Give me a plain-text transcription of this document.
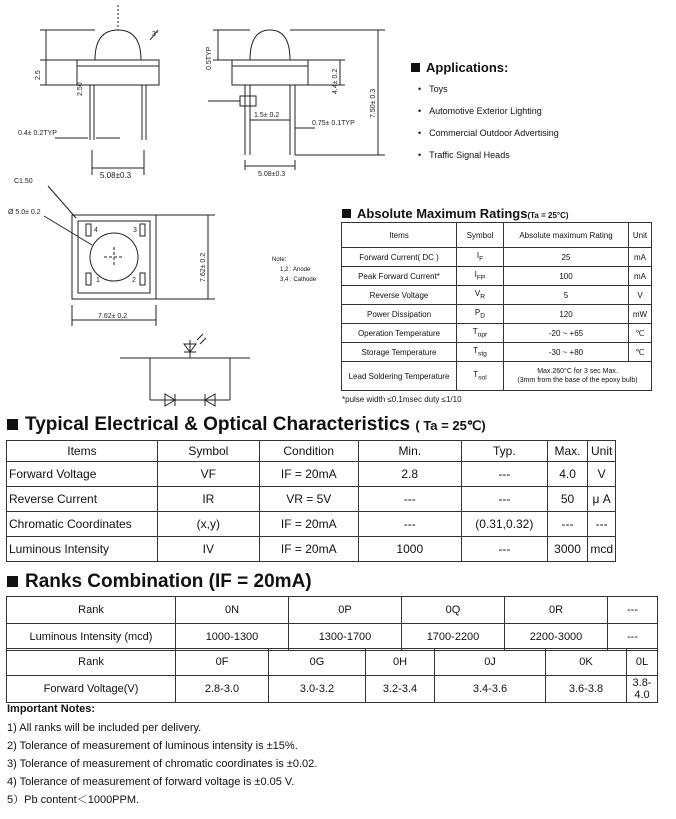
2.50
3°
2.5
0.4± 0.2TYP
5.08±0.3
0.5TYP
1.5± 0.2
0.75± 0.1TYP
4.4± 0.2
7.50± 0.3
5.08±0.3
C1.50
Ø 5.0± 0.2
7.62± 0.2
7.62± 0.2
4	3
1	2
Note:
1,2 : Anode
3,4 : Cathode
Applications:
• Toys
• Automotive Exterior Lighting
• Commercial Outdoor Advertising
• Traffic Signal Heads
Absolute Maximum Ratings(Ta = 25°C)
Items	Symbol	Absolute maximum Rating	Unit
Forward Current( DC )	$I_F$	25	mA
Peak Forward Current*	$I_{FP}$	100	mA
Reverse Voltage	$V_R$	5	V
Power Dissipation	$P_D$	120	mW
Operation Temperature	$T_{opr}$	-20 ~ +65	℃
Storage Temperature	$T_{stg}$	-30 ~ +80	℃
Lead Soldering Temperature	$T_{sol}$	Max.260°C for 3 sec Max.
(3mm from the base of the epoxy bulb)	
*pulse width ≤0.1msec duty ≤1/10
Typical Electrical & Optical Characteristics ( Ta = 25℃)
Items	Symbol	Condition	Min.	Typ.	Max.	Unit
Forward Voltage	VF	IF = 20mA	2.8	---	4.0	V
Reverse Current	IR	VR = 5V	---	---	50	μ A
Chromatic Coordinates	(x,y)	IF = 20mA	---	(0.31,0.32)	---	---
Luminous Intensity	IV	IF = 20mA	1000	---	3000	mcd
Ranks Combination (IF = 20mA)
Rank	0N	0P	0Q	0R	---
Luminous Intensity (mcd)	1000-1300	1300-1700	1700-2200	2200-3000	---
Rank	0F	0G	0H	0J	0K	0L
Forward Voltage(V)	2.8-3.0	3.0-3.2	3.2-3.4	3.4-3.6	3.6-3.8	3.8-4.0
Important Notes:
1) All ranks will be included per delivery.
2) Tolerance of measurement of luminous intensity is ±15%.
3) Tolerance of measurement of chromatic coordinates is ±0.02.
4) Tolerance of measurement of forward voltage is ±0.05 V.
5）Pb content＜1000PPM.
